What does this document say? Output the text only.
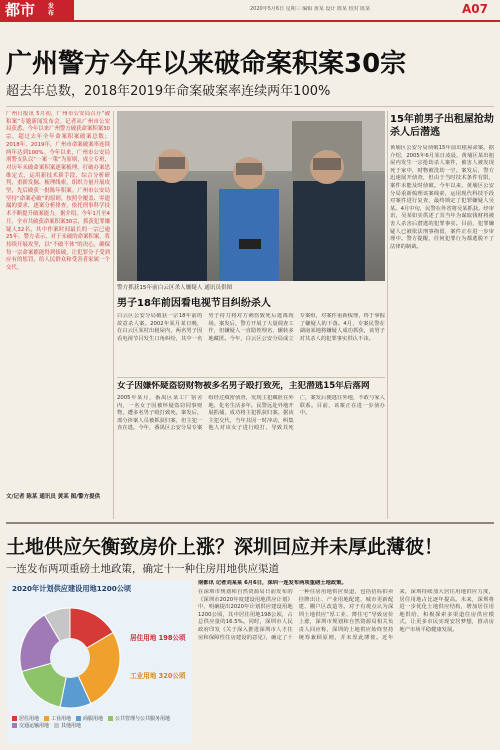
都市 发布
2020年5月6日 星期三 编辑 黄某 设计 陈某 校对 陈某	A07
广州警方今年以来破命案积案30宗
超去年总数，2018年2019年命案破案率连续两年100%
广州日报讯 5月初，广州市公安局召开“破积案”专题新闻发布会。记者从广州市公安局获悉，今年以来广州警方破获命案积案30宗，超过去年全年命案积案破案总数；2018年、2019年，广州市命案破案率连续两年达到100%。今年以来，广州市公安局刑警支队以“一案一策”为原则，成立专班，对历年未破命案积案逐案梳理，打破办案思维定式，运用新技术新手段，综合分析研判，重新发掘、梳理线索，组织力量开展攻坚，先后破获一批陈年积案。广州市公安局坚持“命案必破”的原则，按照全覆盖、零遗漏的要求，逐案分析排查，依托刑事科学技术不断提升破案能力。据介绍，今年1月至4月，全市共破获命案积案30宗，抓获犯罪嫌疑人32名，其中作案时间最长的一宗已逾25年。警方表示，对于未破的命案积案，将持续开展攻坚，以“不破不休”的决心，确保每一宗命案都能得到侦破，让犯罪分子受到应有的惩罚，给人民群众和受害者家属一个交代。
文/记者 陈某 通讯员 黄某 图/警方提供
警方抓获15年前白云区杀人嫌疑人 通讯员供图
15年前男子出租屋抢劫杀人后潜逃
黄埔区公安分局侦破15年前出租屋命案。据介绍，2005年6月某日凌晨，黄埔区某出租屋内发生一宗抢劫杀人案件，被害人被发现死于家中，财物被洗劫一空。案发后，警方迅速展开侦查，但由于当时技术条件有限，案件未能及时侦破。今年以来，黄埔区公安分局重新梳理该案线索，运用现代科技手段对案件进行复查，最终锁定了犯罪嫌疑人吴某。4月中旬，民警在外省将吴某抓获。经审讯，吴某如实供述了其当年为谋取钱财将被害人杀害后潜逃的犯罪事实。目前，犯罪嫌疑人已被依法刑事拘留，案件正在进一步审理中。警方提醒，任何犯罪行为都逃脱不了法律的制裁。
男子18年前因看电视节目纠纷杀人
白云区公安分局破获一宗18年前的故意杀人案。2002年某月某日晚，在白云区某村出租屋内，两名男子因看电视节目发生口角纠纷，其中一名男子持刀将对方刺伤致死后逃离现场。案发后，警方开展了大量调查工作，但嫌疑人一直隐姓埋名，辗转多地藏匿。今年，白云区公安分局成立专案组，对案件重新梳理，终于掌握了嫌疑人的下落。4月，专案民警在湖南某地将嫌疑人成功抓获，该男子对其杀人的犯罪事实供认不讳。
女子因嫌怀疑盗窃财物被多名男子殴打致死，主犯潜逃15年后落网
2005年某月，番禺区某工厂宿舍内，一名女子因被怀疑盗窃同事财物，遭多名男子殴打致死。案发后，部分涉案人员被抓获归案，但主犯一直在逃。今年，番禺区公安分局专案组经过缜密侦查，发现主犯藏匿在外地，化名生活多年。民警远赴外地开展抓捕，成功将主犯抓获归案。据该主犯交代，当年其因一时冲动，纠集他人对该女子进行殴打，导致其死亡，案发后便逃往外地，不敢与家人联系。目前，该案正在进一步侦办中。
土地供应矢衡致房价上涨？深圳回应并未厚此薄彼！
一连发布两项重磅土地政策，确定十一种住房用地供应渠道
2020年计划供应建设用地1200公顷
居住用地 198公顷
工业用地 320公顷
居住用地 工业用地 商服用地 公共管理与公共服务用地交通运输用地 其他用地
南都讯 记者刘某某 6月6日，深圳一连发布两项重磅土地政策。
在深圳市规划和自然资源局日前发布的《深圳市2020年度建设用地供应计划》中，明确提出2020年计划供应建设用地1200公顷，其中居住用地198公顷，占总供应量的16.5%。同时，深圳市人民政府印发《关于深入推进深圳市人才住房和保障性住房建设的意见》，确定了十一种住房用地供应渠道，包括招标拍卖挂牌出让、产业用地配建、城市更新配建、棚户区改造等。对于有观点认为深圳土地供应“厚工业、薄住宅”导致房价上涨，深圳市规划和自然资源局相关负责人回应称，深圳的土地供应始终坚持统筹兼顾原则，并未厚此薄彼。近年来，深圳持续加大居住用地供应力度，居住用地占比逐年提高。未来，深圳将进一步优化土地供应结构，增加居住用地供给，积极探索多渠道住房供应模式，让更多市民实现安居梦想，推动房地产市场平稳健康发展。
